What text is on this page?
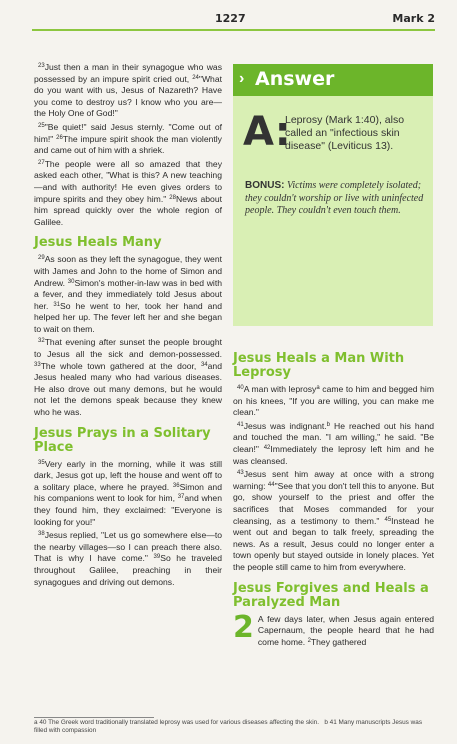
1227	Mark 2

$^{23}$Just then a man in their synagogue who was possessed by an impure spirit cried out, $^{24}$"What do you want with us, Jesus of Nazareth? Have you come to destroy us? I know who you are—the Holy One of God!"

$^{25}$"Be quiet!" said Jesus sternly. "Come out of him!" $^{26}$The impure spirit shook the man violently and came out of him with a shriek.

$^{27}$The people were all so amazed that they asked each other, "What is this? A new teaching—and with authority! He even gives orders to impure spirits and they obey him." $^{28}$News about him spread quickly over the whole region of Galilee.

Jesus Heals Many

$^{29}$As soon as they left the synagogue, they went with James and John to the home of Simon and Andrew. $^{30}$Simon's mother-in-law was in bed with a fever, and they immediately told Jesus about her. $^{31}$So he went to her, took her hand and helped her up. The fever left her and she began to wait on them.

$^{32}$That evening after sunset the people brought to Jesus all the sick and demon-possessed. $^{33}$The whole town gathered at the door, $^{34}$and Jesus healed many who had various diseases. He also drove out many demons, but he would not let the demons speak because they knew who he was.

Jesus Prays in a Solitary Place

$^{35}$Very early in the morning, while it was still dark, Jesus got up, left the house and went off to a solitary place, where he prayed. $^{36}$Simon and his companions went to look for him, $^{37}$and when they found him, they exclaimed: "Everyone is looking for you!"

$^{38}$Jesus replied, "Let us go somewhere else—to the nearby villages—so I can preach there also. That is why I have come." $^{39}$So he traveled throughout Galilee, preaching in their synagogues and driving out demons.

› Answer
A:
Leprosy (Mark 1:40), also called an "infectious skin disease" (Leviticus 13).
BONUS: Victims were completely isolated; they couldn't worship or live with uninfected people. They couldn't even touch them.
Jesus Heals a Man With Leprosy

$^{40}$A man with leprosy$^a$ came to him and begged him on his knees, "If you are willing, you can make me clean."

$^{41}$Jesus was indignant.$^b$ He reached out his hand and touched the man. "I am willing," he said. "Be clean!" $^{42}$Immediately the leprosy left him and he was cleansed.

$^{43}$Jesus sent him away at once with a strong warning: $^{44}$"See that you don't tell this to anyone. But go, show yourself to the priest and offer the sacrifices that Moses commanded for your cleansing, as a testimony to them." $^{45}$Instead he went out and began to talk freely, spreading the news. As a result, Jesus could no longer enter a town openly but stayed outside in lonely places. Yet the people still came to him from everywhere.

Jesus Forgives and Heals a Paralyzed Man

2 A few days later, when Jesus again entered Capernaum, the people heard that he had come home. $^2$They gathered

a 40 The Greek word traditionally translated leprosy was used for various diseases affecting the skin. b 41 Many manuscripts Jesus was filled with compassion
